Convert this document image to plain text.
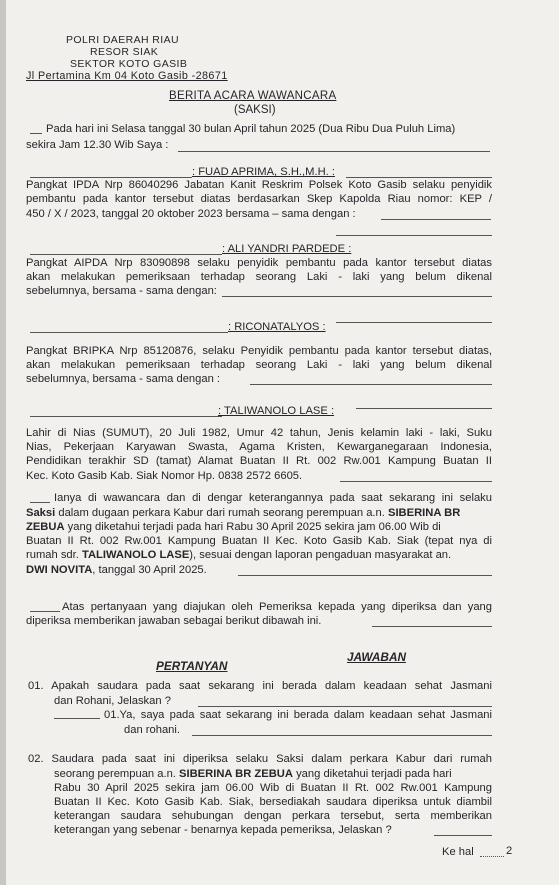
POLRI DAERAH RIAU
RESOR SIAK
SEKTOR KOTO GASIB
Jl Pertamina Km 04 Koto Gasib -28671
BERITA ACARA WAWANCARA
(SAKSI)
Pada hari ini Selasa tanggal 30 bulan April tahun 2025 (Dua Ribu Dua Puluh Lima)
sekira Jam 12.30 Wib Saya :
: FUAD APRIMA, S.H.,M.H. :
Pangkat IPDA Nrp 86040296 Jabatan Kanit Reskrim Polsek Koto Gasib selaku penyidik
pembantu pada kantor tersebut diatas berdasarkan Skep Kapolda Riau nomor: KEP /
450 / X / 2023, tanggal 20 oktober 2023 bersama – sama dengan :
: ALI YANDRI PARDEDE :
Pangkat AIPDA Nrp 83090898 selaku penyidik pembantu pada kantor tersebut diatas
akan melakukan pemeriksaan terhadap seorang Laki - laki yang belum dikenal
sebelumnya, bersama - sama dengan:
: RICONATALYOS :
Pangkat BRIPKA Nrp 85120876, selaku Penyidik pembantu pada kantor tersebut diatas,
akan melakukan pemeriksaan terhadap seorang Laki - laki yang belum dikenal
sebelumnya, bersama - sama dengan :
: TALIWANOLO LASE :
Lahir di Nias (SUMUT), 20 Juli 1982, Umur 42 tahun, Jenis kelamin laki - laki, Suku
Nias, Pekerjaan Karyawan Swasta, Agama Kristen, Kewarganegaraan Indonesia,
Pendidikan terakhir SD (tamat) Alamat Buatan II Rt. 002 Rw.001 Kampung Buatan II
Kec. Koto Gasib Kab. Siak Nomor Hp. 0838 2572 6605.
Ianya di wawancara dan di dengar keterangannya pada saat sekarang ini selaku
Saksi dalam dugaan perkara Kabur dari rumah seorang perempuan a.n. SIBERINA BR
ZEBUA yang diketahui terjadi pada hari Rabu 30 April 2025 sekira jam 06.00 Wib di
Buatan II Rt. 002 Rw.001 Kampung Buatan II Kec. Koto Gasib Kab. Siak (tepat nya di
rumah sdr. TALIWANOLO LASE), sesuai dengan laporan pengaduan masyarakat an.
DWI NOVITA, tanggal 30 April 2025.
Atas pertanyaan yang diajukan oleh Pemeriksa kepada yang diperiksa dan yang
diperiksa memberikan jawaban sebagai berikut dibawah ini.
PERTANYAN
JAWABAN
01. Apakah saudara pada saat sekarang ini berada dalam keadaan sehat Jasmani
dan Rohani, Jelaskan ?
01.Ya, saya pada saat sekarang ini berada dalam keadaan sehat Jasmani
dan rohani.
02. Saudara pada saat ini diperiksa selaku Saksi dalam perkara Kabur dari rumah
seorang perempuan a.n. SIBERINA BR ZEBUA yang diketahui terjadi pada hari
Rabu 30 April 2025 sekira jam 06.00 Wib di Buatan II Rt. 002 Rw.001 Kampung
Buatan II Kec. Koto Gasib Kab. Siak, bersediakah saudara diperiksa untuk diambil
keterangan saudara sehubungan dengan perkara tersebut, serta memberikan
keterangan yang sebenar - benarnya kepada pemeriksa, Jelaskan ?
Ke hal	2
